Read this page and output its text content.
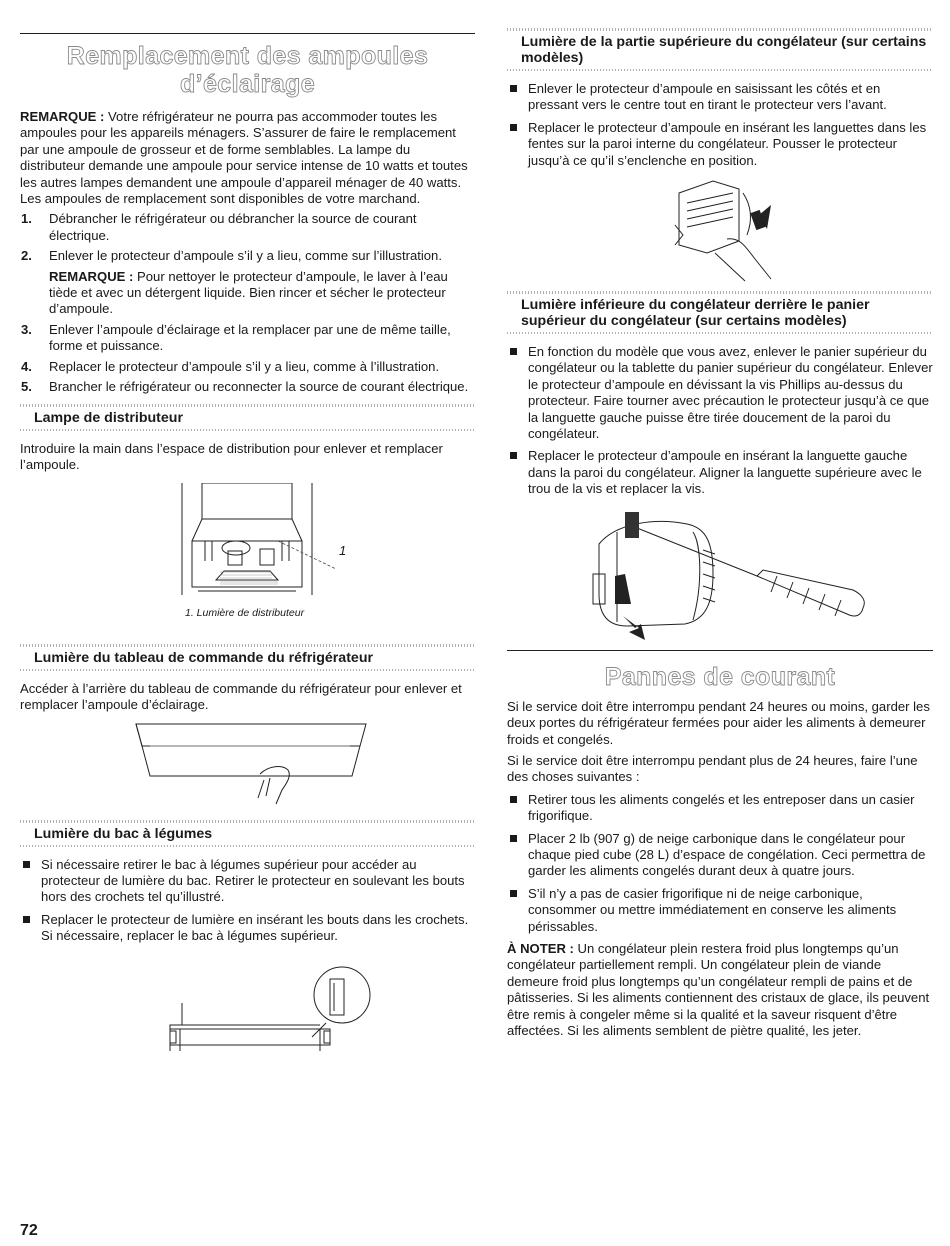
Remplacement des ampoules
d’éclairage

REMARQUE : Votre réfrigérateur ne pourra pas accommoder toutes les ampoules pour les appareils ménagers. S’assurer de faire le remplacement par une ampoule de grosseur et de forme semblables. La lampe du distributeur demande une ampoule pour service intense de 10 watts et toutes les autres lampes demandent une ampoule d’appareil ménager de 40 watts. Les ampoules de remplacement sont disponibles de votre marchand.

1. Débrancher le réfrigérateur ou débrancher la source de courant électrique.
2. Enlever le protecteur d’ampoule s’il y a lieu, comme sur l’illustration.

REMARQUE : Pour nettoyer le protecteur d’ampoule, le laver à l’eau tiède et avec un détergent liquide. Bien rincer et sécher le protecteur d’ampoule.

3. Enlever l’ampoule d’éclairage et la remplacer par une de même taille, forme et puissance.
4. Replacer le protecteur d’ampoule s’il y a lieu, comme à l’illustration.
5. Brancher le réfrigérateur ou reconnecter la source de courant électrique.
Lampe de distributeur

Introduire la main dans l’espace de distribution pour enlever et remplacer l’ampoule.

1

1. Lumière de distributeur

Lumière du tableau de commande du réfrigérateur

Accéder à l’arrière du tableau de commande du réfrigérateur pour enlever et remplacer l’ampoule d’éclairage.

Lumière du bac à légumes
Si nécessaire retirer le bac à légumes supérieur pour accéder au protecteur de lumière du bac. Retirer le protecteur en soulevant les bouts hors des crochets tel qu’illustré.
Replacer le protecteur de lumière en insérant les bouts dans les crochets. Si nécessaire, replacer le bac à légumes supérieur.
Lumière de la partie supérieure du congélateur (sur certains modèles)
Enlever le protecteur d’ampoule en saisissant les côtés et en pressant vers le centre tout en tirant le protecteur vers l’avant.
Replacer le protecteur d’ampoule en insérant les languettes dans les fentes sur la paroi interne du congélateur. Pousser le protecteur jusqu’à ce qu’il s’enclenche en position.
Lumière inférieure du congélateur derrière le panier supérieur du congélateur (sur certains modèles)
En fonction du modèle que vous avez, enlever le panier supérieur du congélateur ou la tablette du panier supérieur du congélateur. Enlever le protecteur d’ampoule en dévissant la vis Phillips au-dessus du protecteur. Faire tourner avec précaution le protecteur jusqu’à ce que la languette gauche puisse être tirée doucement de la paroi du congélateur.
Replacer le protecteur d’ampoule en insérant la languette gauche dans la paroi du congélateur. Aligner la languette supérieure avec le trou de la vis et replacer la vis.
Pannes de courant

Si le service doit être interrompu pendant 24 heures ou moins, garder les deux portes du réfrigérateur fermées pour aider les aliments à demeurer froids et congelés.

Si le service doit être interrompu pendant plus de 24 heures, faire l’une des choses suivantes :

Retirer tous les aliments congelés et les entreposer dans un casier frigorifique.
Placer 2 lb (907 g) de neige carbonique dans le congélateur pour chaque pied cube (28 L) d’espace de congélation. Ceci permettra de garder les aliments congelés durant deux à quatre jours.
S’il n’y a pas de casier frigorifique ni de neige carbonique, consommer ou mettre immédiatement en conserve les aliments périssables.

À NOTER : Un congélateur plein restera froid plus longtemps qu’un congélateur partiellement rempli. Un congélateur plein de viande demeure froid plus longtemps qu’un congélateur rempli de pains et de pâtisseries. Si les aliments contiennent des cristaux de glace, ils peuvent être remis à congeler même si la qualité et la saveur risquent d’être affectées. Si les aliments semblent de piètre qualité, les jeter.

72
